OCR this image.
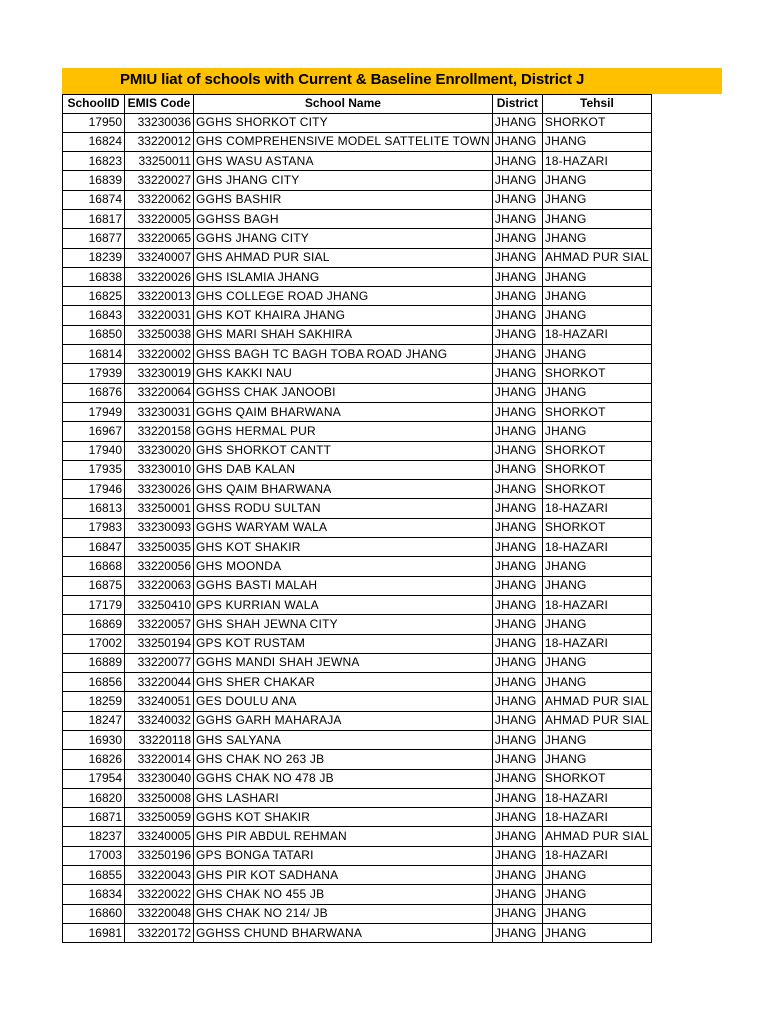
PMIU liat of schools with Current & Baseline Enrollment, District J
SchoolID	EMIS Code	School Name	District	Tehsil
17950	33230036	GGHS SHORKOT CITY	JHANG	SHORKOT
16824	33220012	GHS COMPREHENSIVE MODEL SATTELITE TOWN	JHANG	JHANG
16823	33250011	GHS WASU ASTANA	JHANG	18-HAZARI
16839	33220027	GHS JHANG CITY	JHANG	JHANG
16874	33220062	GGHS BASHIR	JHANG	JHANG
16817	33220005	GGHSS BAGH	JHANG	JHANG
16877	33220065	GGHS JHANG CITY	JHANG	JHANG
18239	33240007	GHS AHMAD PUR SIAL	JHANG	AHMAD PUR SIAL
16838	33220026	GHS ISLAMIA JHANG	JHANG	JHANG
16825	33220013	GHS COLLEGE ROAD JHANG	JHANG	JHANG
16843	33220031	GHS KOT KHAIRA JHANG	JHANG	JHANG
16850	33250038	GHS MARI SHAH SAKHIRA	JHANG	18-HAZARI
16814	33220002	GHSS BAGH TC BAGH TOBA ROAD JHANG	JHANG	JHANG
17939	33230019	GHS KAKKI NAU	JHANG	SHORKOT
16876	33220064	GGHSS CHAK JANOOBI	JHANG	JHANG
17949	33230031	GGHS QAIM BHARWANA	JHANG	SHORKOT
16967	33220158	GGHS HERMAL PUR	JHANG	JHANG
17940	33230020	GHS SHORKOT CANTT	JHANG	SHORKOT
17935	33230010	GHS DAB KALAN	JHANG	SHORKOT
17946	33230026	GHS QAIM BHARWANA	JHANG	SHORKOT
16813	33250001	GHSS RODU SULTAN	JHANG	18-HAZARI
17983	33230093	GGHS WARYAM WALA	JHANG	SHORKOT
16847	33250035	GHS KOT SHAKIR	JHANG	18-HAZARI
16868	33220056	GHS MOONDA	JHANG	JHANG
16875	33220063	GGHS BASTI MALAH	JHANG	JHANG
17179	33250410	GPS KURRIAN WALA	JHANG	18-HAZARI
16869	33220057	GHS SHAH JEWNA CITY	JHANG	JHANG
17002	33250194	GPS KOT RUSTAM	JHANG	18-HAZARI
16889	33220077	GGHS MANDI SHAH JEWNA	JHANG	JHANG
16856	33220044	GHS SHER CHAKAR	JHANG	JHANG
18259	33240051	GES DOULU ANA	JHANG	AHMAD PUR SIAL
18247	33240032	GGHS GARH MAHARAJA	JHANG	AHMAD PUR SIAL
16930	33220118	GHS SALYANA	JHANG	JHANG
16826	33220014	GHS CHAK NO 263 JB	JHANG	JHANG
17954	33230040	GGHS CHAK NO 478 JB	JHANG	SHORKOT
16820	33250008	GHS LASHARI	JHANG	18-HAZARI
16871	33250059	GGHS KOT SHAKIR	JHANG	18-HAZARI
18237	33240005	GHS PIR ABDUL REHMAN	JHANG	AHMAD PUR SIAL
17003	33250196	GPS BONGA TATARI	JHANG	18-HAZARI
16855	33220043	GHS PIR KOT SADHANA	JHANG	JHANG
16834	33220022	GHS CHAK NO 455 JB	JHANG	JHANG
16860	33220048	GHS CHAK NO 214/ JB	JHANG	JHANG
16981	33220172	GGHSS CHUND BHARWANA	JHANG	JHANG
